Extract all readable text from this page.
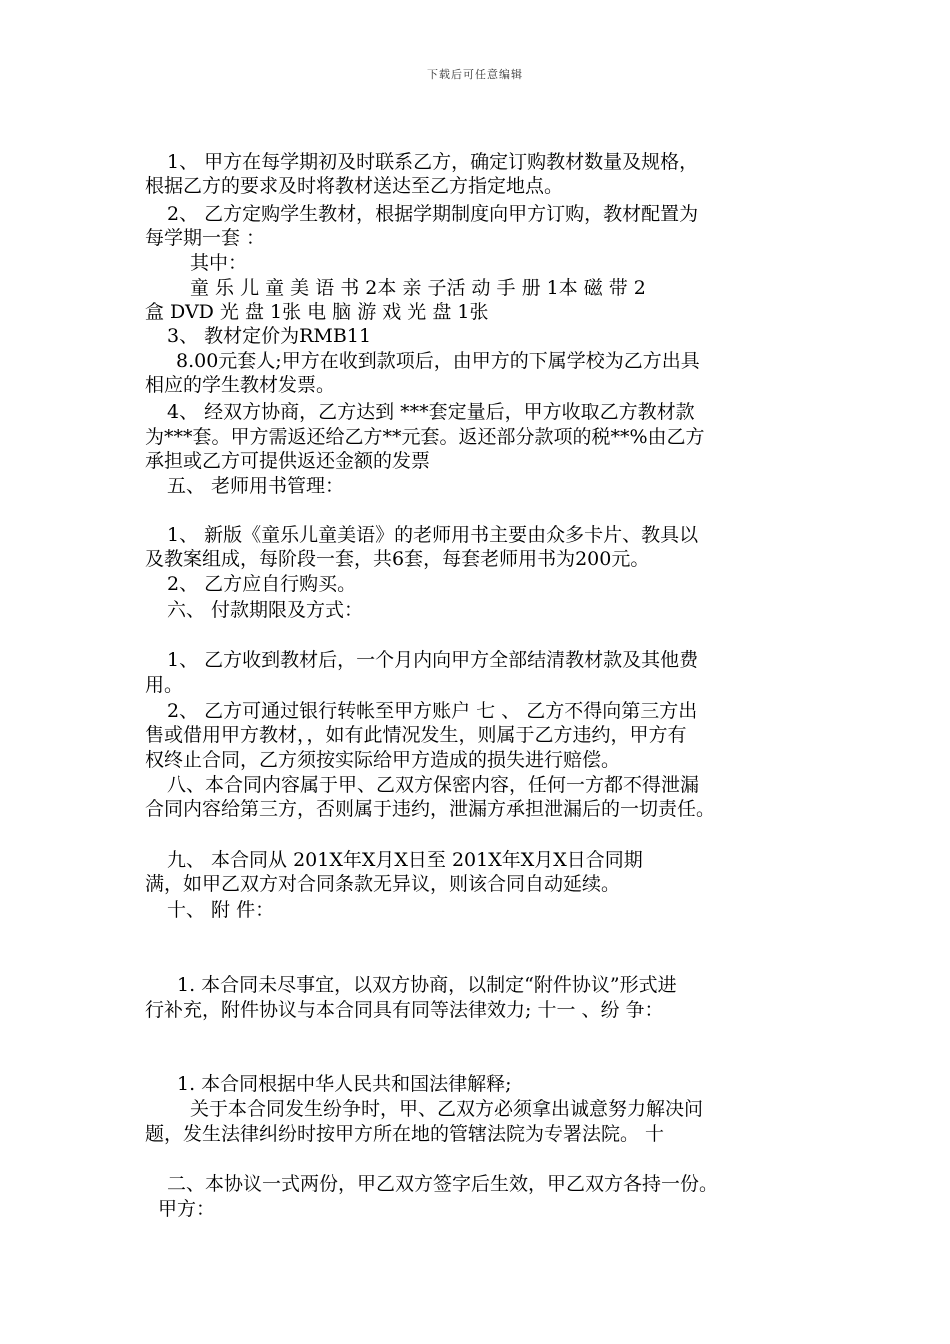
下载后可任意编辑
1、 甲方在每学期初及时联系乙方，确定订购教材数量及规格，
根据乙方的要求及时将教材送达至乙方指定地点。
2、 乙方定购学生教材，根据学期制度向甲方订购，教材配置为
每学期一套 ：
其中：
童 乐 儿 童 美 语 书 2本 亲 子活 动 手 册 1本 磁 带 2
盒 DVD 光 盘 1张 电 脑 游 戏 光 盘 1张
3、 教材定价为RMB11
8.00元套人;甲方在收到款项后，由甲方的下属学校为乙方出具
相应的学生教材发票。
4、 经双方协商，乙方达到 ***套定量后，甲方收取乙方教材款
为***套。甲方需返还给乙方**元套。返还部分款项的税**%由乙方
承担或乙方可提供返还金额的发票
五、 老师用书管理：
1、 新版《童乐儿童美语》的老师用书主要由众多卡片、教具以
及教案组成，每阶段一套，共6套，每套老师用书为200元。
2、 乙方应自行购买。
六、 付款期限及方式：
1、 乙方收到教材后，一个月内向甲方全部结清教材款及其他费
用。
2、 乙方可通过银行转帐至甲方账户 七 、 乙方不得向第三方出
售或借用甲方教材，，如有此情况发生，则属于乙方违约，甲方有
权终止合同，乙方须按实际给甲方造成的损失进行赔偿。
八、本合同内容属于甲、乙双方保密内容，任何一方都不得泄漏
合同内容给第三方，否则属于违约，泄漏方承担泄漏后的一切责任。
九、 本合同从 201X年X月X日至 201X年X月X日合同期
满，如甲乙双方对合同条款无异议，则该合同自动延续。
十、 附 件：
1. 本合同未尽事宜，以双方协商，以制定“附件协议”形式进
行补充，附件协议与本合同具有同等法律效力; 十一 、纷 争：
1. 本合同根据中华人民共和国法律解释;
关于本合同发生纷争时，甲、乙双方必须拿出诚意努力解决问
题，发生法律纠纷时按甲方所在地的管辖法院为专署法院。 十
二、本协议一式两份，甲乙双方签字后生效，甲乙双方各持一份。
甲方：
